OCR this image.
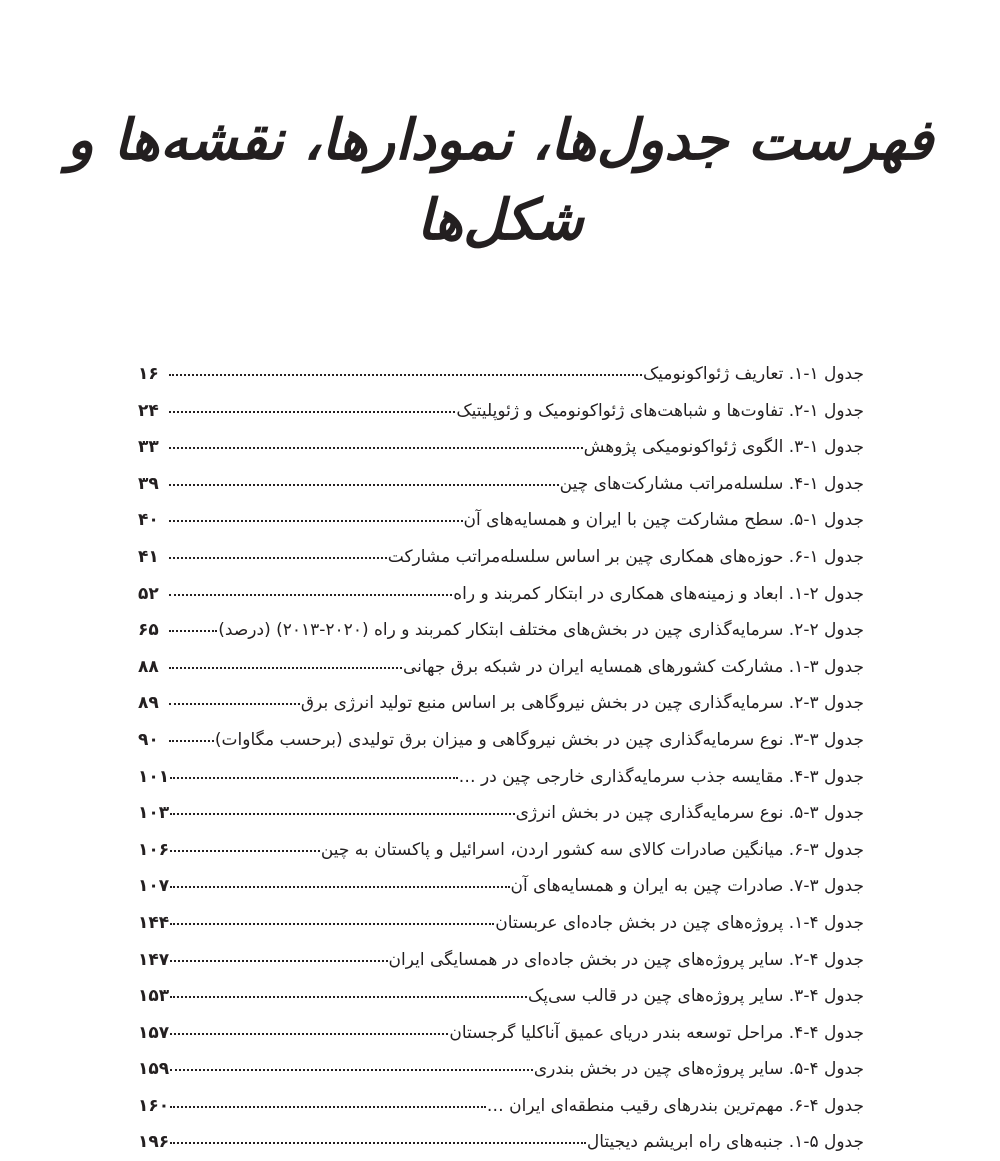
فهرست جدول‌ها، نمودارها، نقشه‌ها و شکل‌ها
جدول ۱-۱. تعاریف ژئواکونومیک
۱۶
جدول ۱-۲. تفاوت‌ها و شباهت‌های ژئواکونومیک و ژئوپلیتیک
۲۴
جدول ۱-۳. الگوی ژئواکونومیکی پژوهش
۳۳
جدول ۱-۴. سلسله‌مراتب مشارکت‌های چین
۳۹
جدول ۱-۵. سطح مشارکت چین با ایران و همسایه‌های آن
۴۰
جدول ۱-۶. حوزه‌های همکاری چین بر اساس سلسله‌مراتب مشارکت
۴۱
جدول ۲-۱. ابعاد و زمینه‌های همکاری در ابتکار کمربند و راه
۵۲
جدول ۲-۲. سرمایه‌گذاری چین در بخش‌های مختلف ابتکار کمربند و راه (۲۰۲۰-۲۰۱۳) (درصد)
۶۵
جدول ۳-۱. مشارکت کشورهای همسایه ایران در شبکه برق جهانی
۸۸
جدول ۳-۲. سرمایه‌گذاری چین در بخش نیروگاهی بر اساس منبع تولید انرژی برق
۸۹
جدول ۳-۳. نوع سرمایه‌گذاری چین در بخش نیروگاهی و میزان برق تولیدی (برحسب مگاوات)
۹۰
جدول ۳-۴. مقایسه جذب سرمایه‌گذاری خارجی چین در …
۱۰۱
جدول ۳-۵. نوع سرمایه‌گذاری چین در بخش انرژی
۱۰۳
جدول ۳-۶. میانگین صادرات کالای سه کشور اردن، اسرائیل و پاکستان به چین
۱۰۶
جدول ۳-۷. صادرات چین به ایران و همسایه‌های آن
۱۰۷
جدول ۴-۱. پروژه‌های چین در بخش جاده‌ای عربستان
۱۴۴
جدول ۴-۲. سایر پروژه‌های چین در بخش جاده‌ای در همسایگی ایران
۱۴۷
جدول ۴-۳. سایر پروژه‌های چین در قالب سی‌پک
۱۵۳
جدول ۴-۴. مراحل توسعه بندر دریای عمیق آناکلیا گرجستان
۱۵۷
جدول ۴-۵. سایر پروژه‌های چین در بخش بندری
۱۵۹
جدول ۴-۶. مهم‌ترین بندرهای رقیب منطقه‌ای ایران …
۱۶۰
جدول ۵-۱. جنبه‌های راه ابریشم دیجیتال
۱۹۶
